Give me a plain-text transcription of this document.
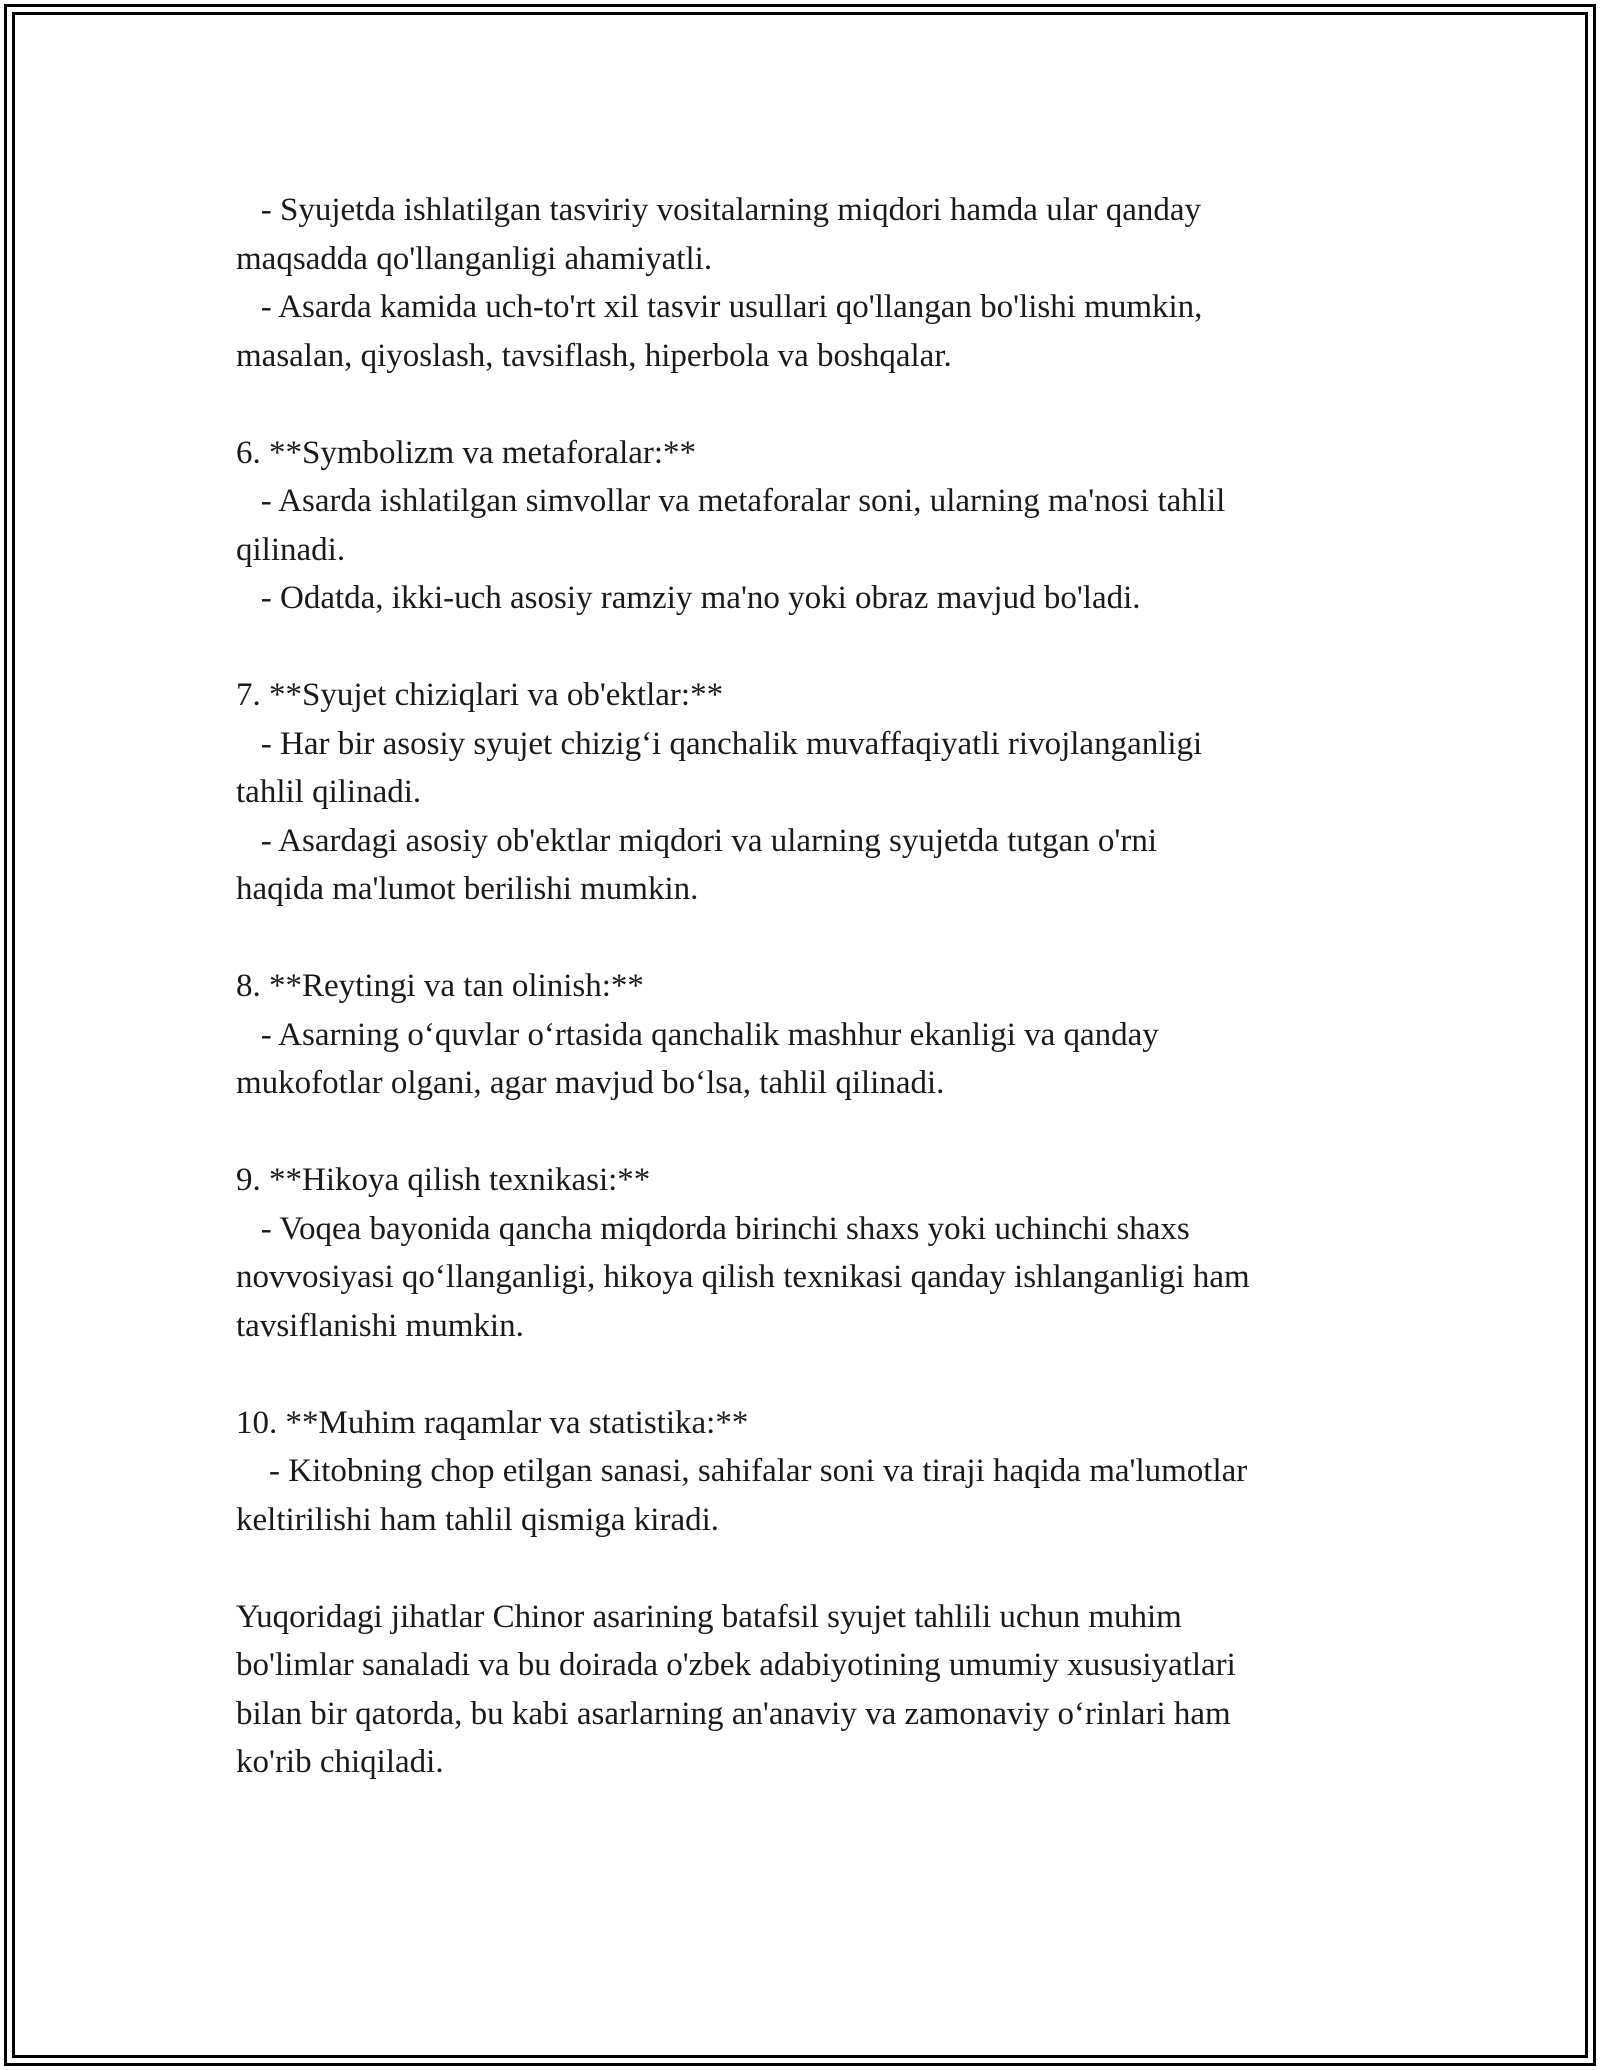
- Syujetda ishlatilgan tasviriy vositalarning miqdori hamda ular qanday
maqsadda qo'llanganligi ahamiyatli.
- Asarda kamida uch-to'rt xil tasvir usullari qo'llangan bo'lishi mumkin,
masalan, qiyoslash, tavsiflash, hiperbola va boshqalar.
6. **Symbolizm va metaforalar:**
- Asarda ishlatilgan simvollar va metaforalar soni, ularning ma'nosi tahlil
qilinadi.
- Odatda, ikki-uch asosiy ramziy ma'no yoki obraz mavjud bo'ladi.
7. **Syujet chiziqlari va ob'ektlar:**
- Har bir asosiy syujet chizig‘i qanchalik muvaffaqiyatli rivojlanganligi
tahlil qilinadi.
- Asardagi asosiy ob'ektlar miqdori va ularning syujetda tutgan o'rni
haqida ma'lumot berilishi mumkin.
8. **Reytingi va tan olinish:**
- Asarning o‘quvlar o‘rtasida qanchalik mashhur ekanligi va qanday
mukofotlar olgani, agar mavjud bo‘lsa, tahlil qilinadi.
9. **Hikoya qilish texnikasi:**
- Voqea bayonida qancha miqdorda birinchi shaxs yoki uchinchi shaxs
novvosiyasi qo‘llanganligi, hikoya qilish texnikasi qanday ishlanganligi ham
tavsiflanishi mumkin.
10. **Muhim raqamlar va statistika:**
- Kitobning chop etilgan sanasi, sahifalar soni va tiraji haqida ma'lumotlar
keltirilishi ham tahlil qismiga kiradi.
Yuqoridagi jihatlar Chinor asarining batafsil syujet tahlili uchun muhim
bo'limlar sanaladi va bu doirada o'zbek adabiyotining umumiy xususiyatlari
bilan bir qatorda, bu kabi asarlarning an'anaviy va zamonaviy o‘rinlari ham
ko'rib chiqiladi.
